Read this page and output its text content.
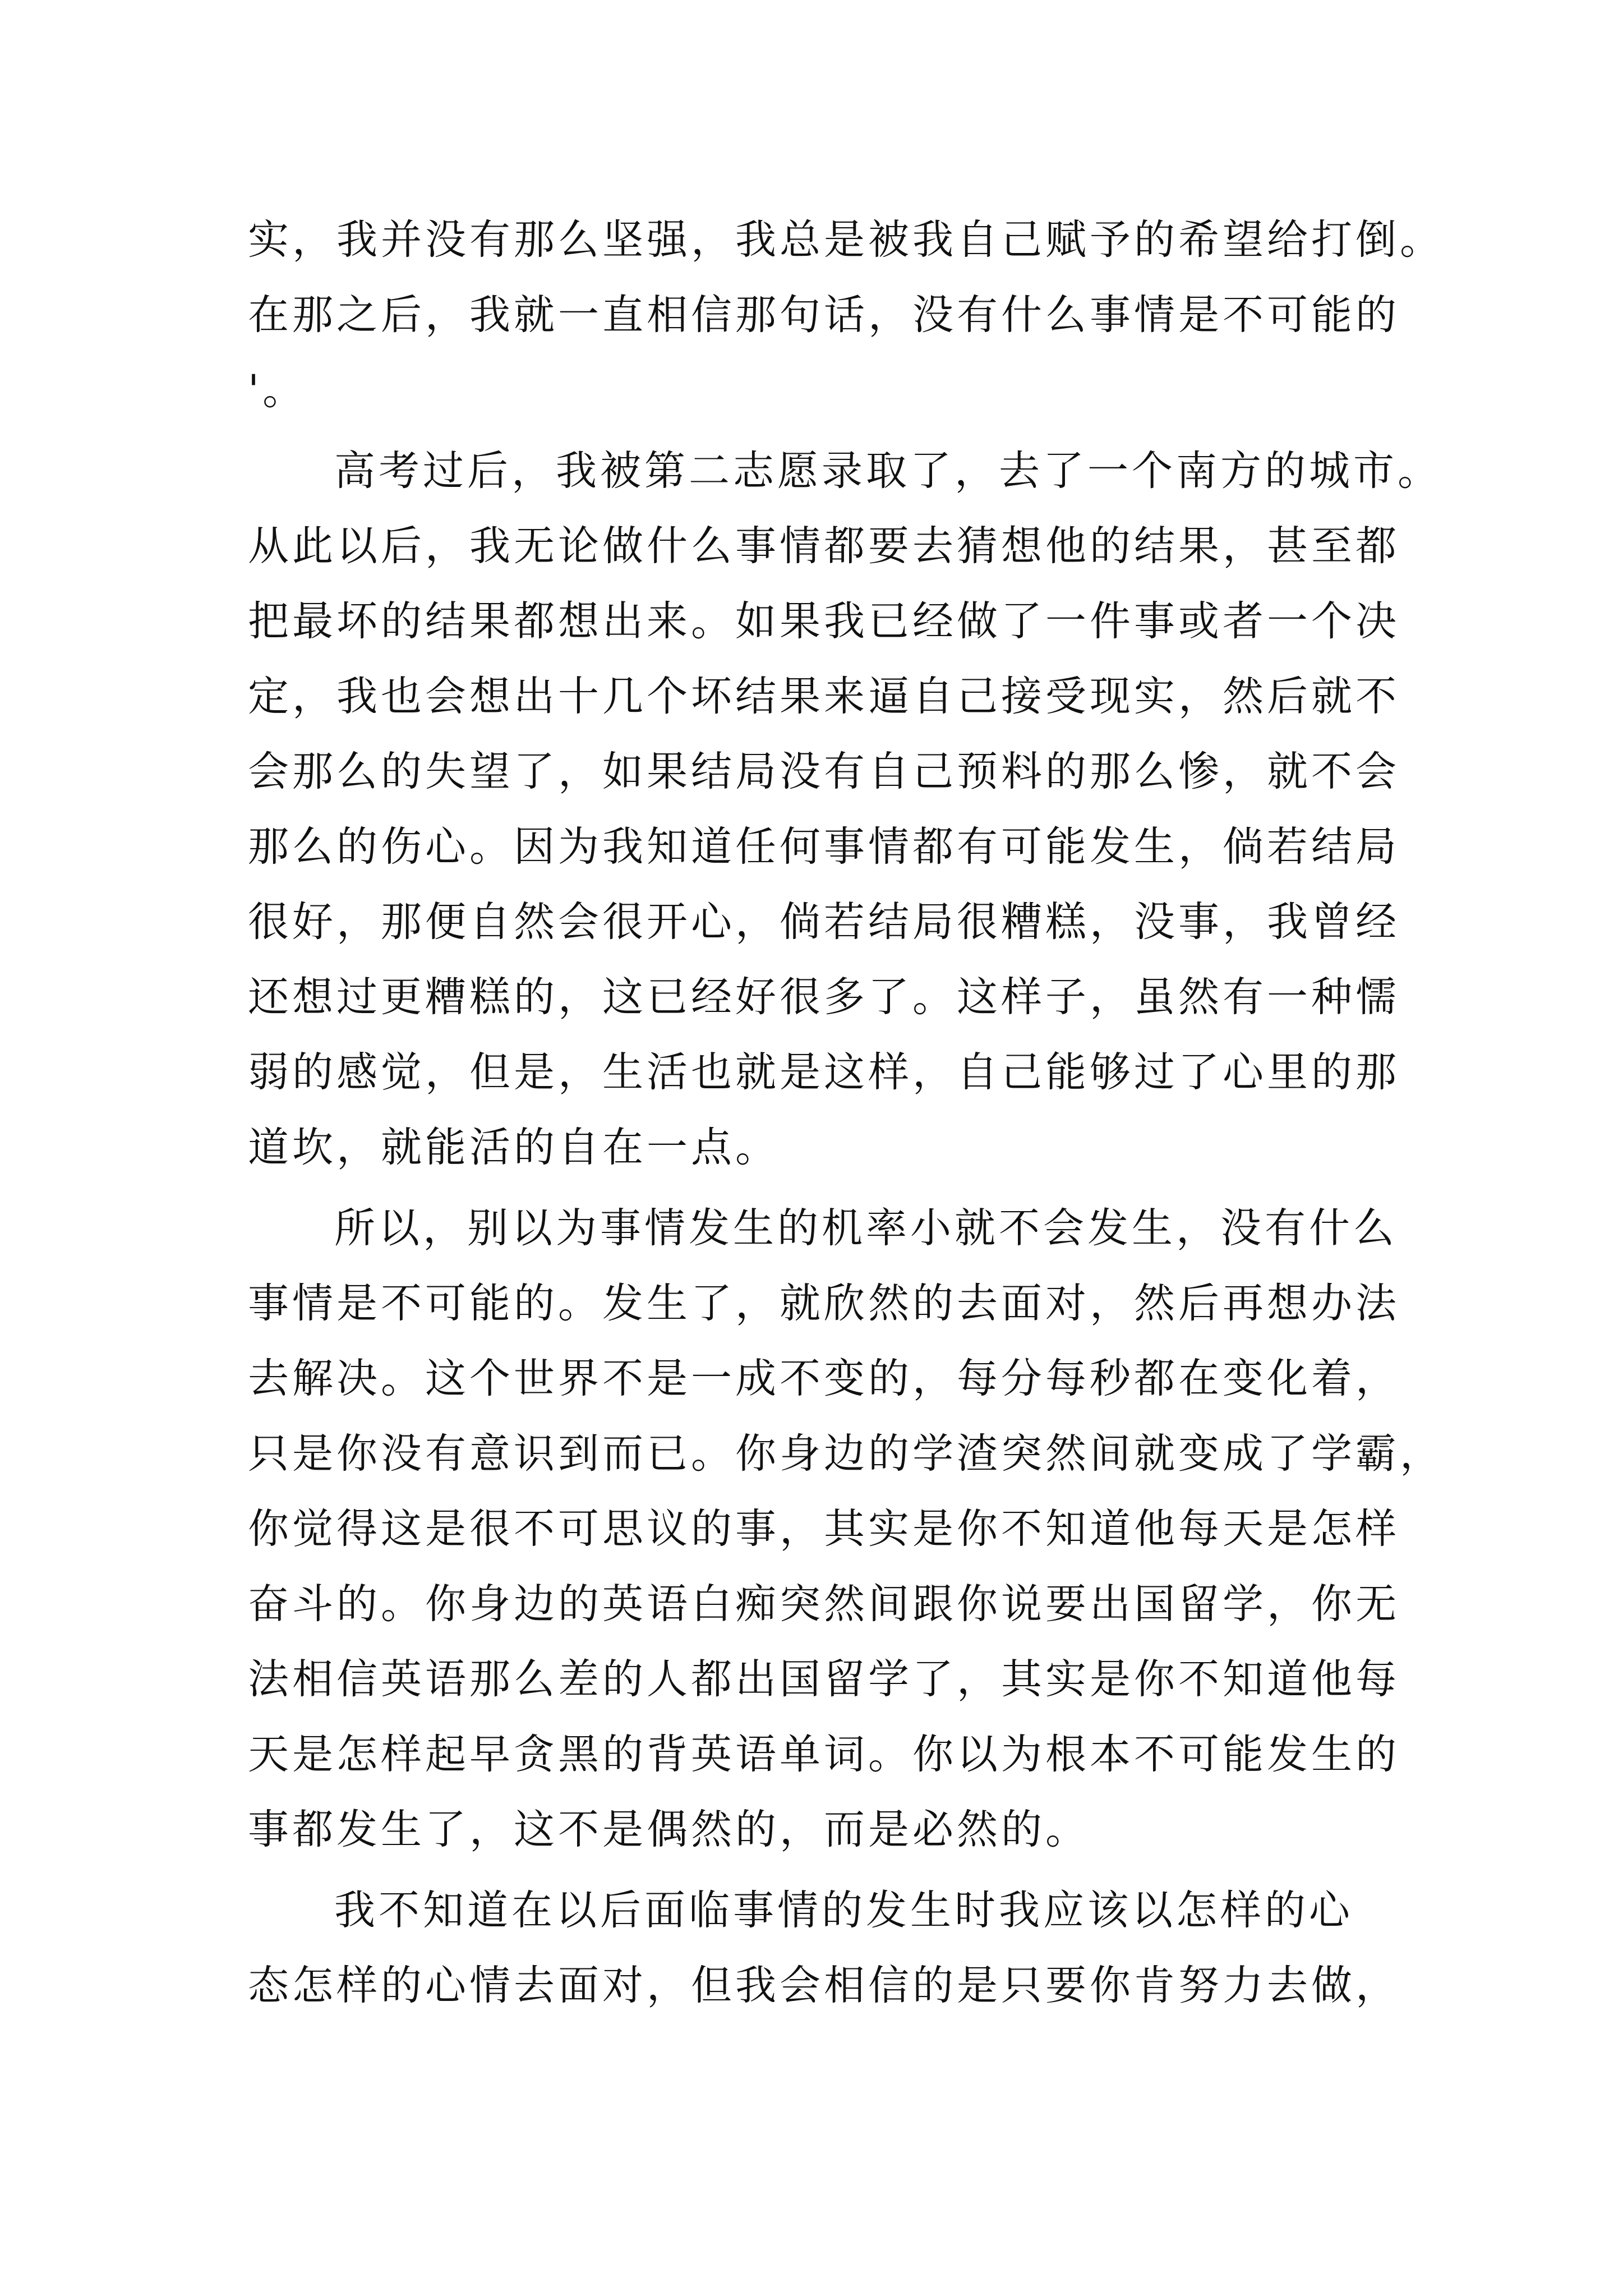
实，我并没有那么坚强，我总是被我自己赋予的希望给打倒。
在那之后，我就一直相信那句话，没有什么事情是不可能的
'。
高考过后，我被第二志愿录取了，去了一个南方的城市。
从此以后，我无论做什么事情都要去猜想他的结果，甚至都
把最坏的结果都想出来。如果我已经做了一件事或者一个决
定，我也会想出十几个坏结果来逼自己接受现实，然后就不
会那么的失望了，如果结局没有自己预料的那么惨，就不会
那么的伤心。因为我知道任何事情都有可能发生，倘若结局
很好，那便自然会很开心，倘若结局很糟糕，没事，我曾经
还想过更糟糕的，这已经好很多了。这样子，虽然有一种懦
弱的感觉，但是，生活也就是这样，自己能够过了心里的那
道坎，就能活的自在一点。
所以，别以为事情发生的机率小就不会发生，没有什么
事情是不可能的。发生了，就欣然的去面对，然后再想办法
去解决。这个世界不是一成不变的，每分每秒都在变化着，
只是你没有意识到而已。你身边的学渣突然间就变成了学霸，
你觉得这是很不可思议的事，其实是你不知道他每天是怎样
奋斗的。你身边的英语白痴突然间跟你说要出国留学，你无
法相信英语那么差的人都出国留学了，其实是你不知道他每
天是怎样起早贪黑的背英语单词。你以为根本不可能发生的
事都发生了，这不是偶然的，而是必然的。
我不知道在以后面临事情的发生时我应该以怎样的心
态怎样的心情去面对，但我会相信的是只要你肯努力去做，
